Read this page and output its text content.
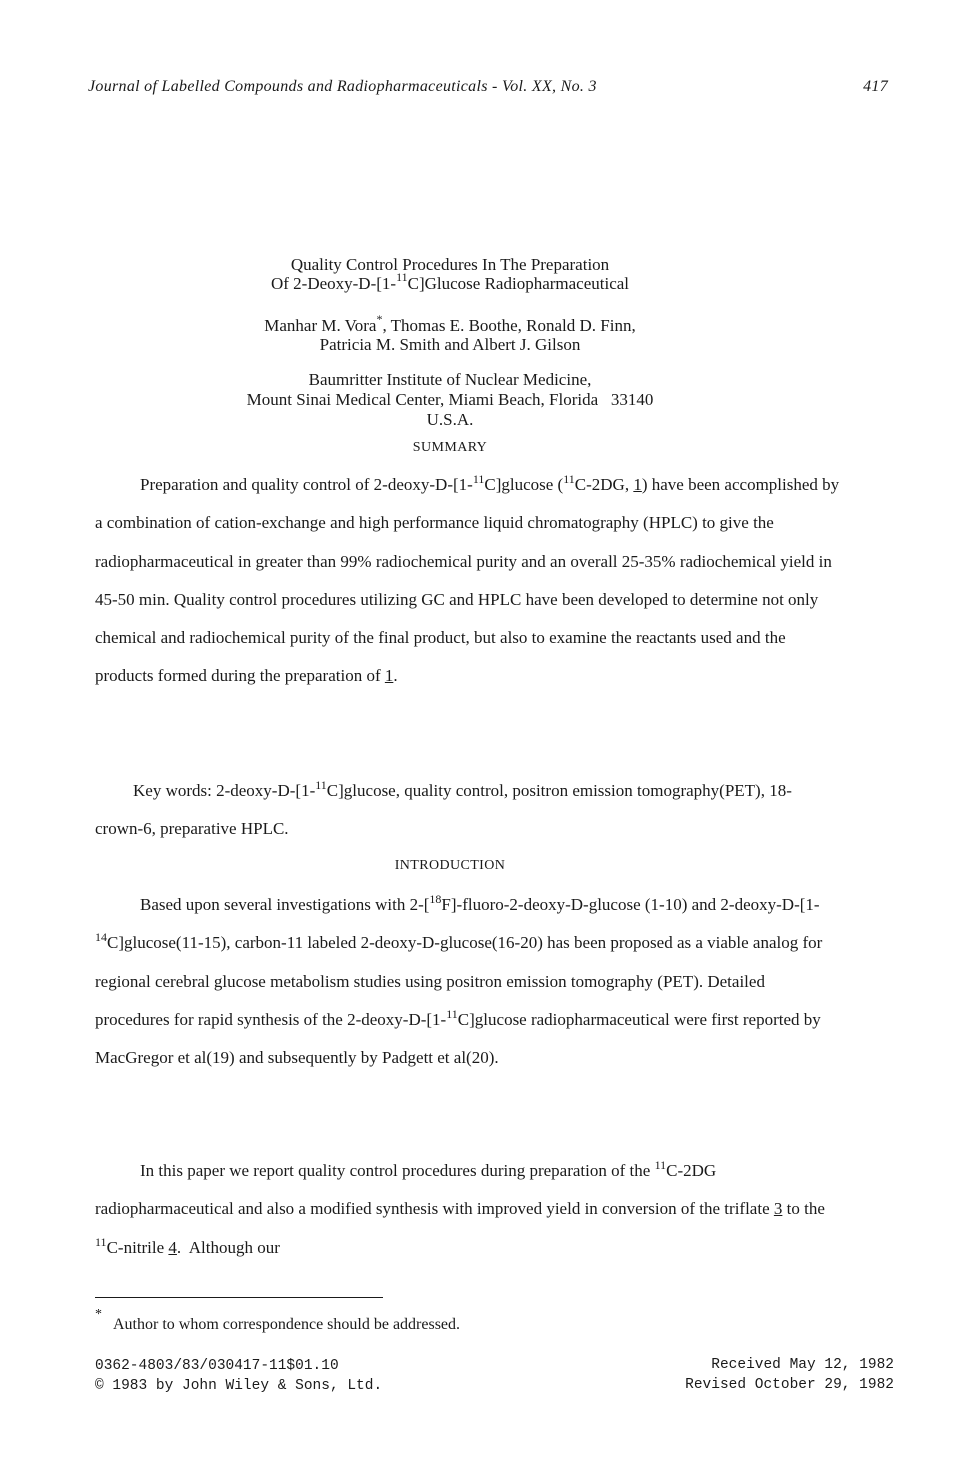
Journal of Labelled Compounds and Radiopharmaceuticals - Vol. XX, No. 3	417
Quality Control Procedures In The Preparation
Of 2-Deoxy-D-[1-$^{11}$C]Glucose Radiopharmaceutical
Manhar M. Vora*, Thomas E. Boothe, Ronald D. Finn,
Patricia M. Smith and Albert J. Gilson
Baumritter Institute of Nuclear Medicine,
Mount Sinai Medical Center, Miami Beach, Florida   33140
U.S.A.
SUMMARY
Preparation and quality control of 2-deoxy-D-[1-$^{11}$C]glucose ($^{11}$C-2DG, 1) have been accomplished by a combination of cation-exchange and high performance liquid chromatography (HPLC) to give the radiopharmaceutical in greater than 99% radiochemical purity and an overall 25-35% radiochemical yield in 45-50 min. Quality control procedures utilizing GC and HPLC have been developed to determine not only chemical and radiochemical purity of the final product, but also to examine the reactants used and the products formed during the preparation of 1.
Key words: 2-deoxy-D-[1-$^{11}$C]glucose, quality control, positron emission tomography(PET), 18-crown-6, preparative HPLC.
INTRODUCTION
Based upon several investigations with 2-[$^{18}$F]-fluoro-2-deoxy-D-glucose (1-10) and 2-deoxy-D-[1-$^{14}$C]glucose(11-15), carbon-11 labeled 2-deoxy-D-glucose(16-20) has been proposed as a viable analog for regional cerebral glucose metabolism studies using positron emission tomography (PET). Detailed procedures for rapid synthesis of the 2-deoxy-D-[1-$^{11}$C]glucose radiopharmaceutical were first reported by MacGregor et al(19) and subsequently by Padgett et al(20).
In this paper we report quality control procedures during preparation of the $^{11}$C-2DG radiopharmaceutical and also a modified synthesis with improved yield in conversion of the triflate 3 to the $^{11}$C-nitrile 4.  Although our
*Author to whom correspondence should be addressed.
0362-4803/83/030417-11$01.10
© 1983 by John Wiley & Sons, Ltd.
Received May 12, 1982
Revised October 29, 1982
